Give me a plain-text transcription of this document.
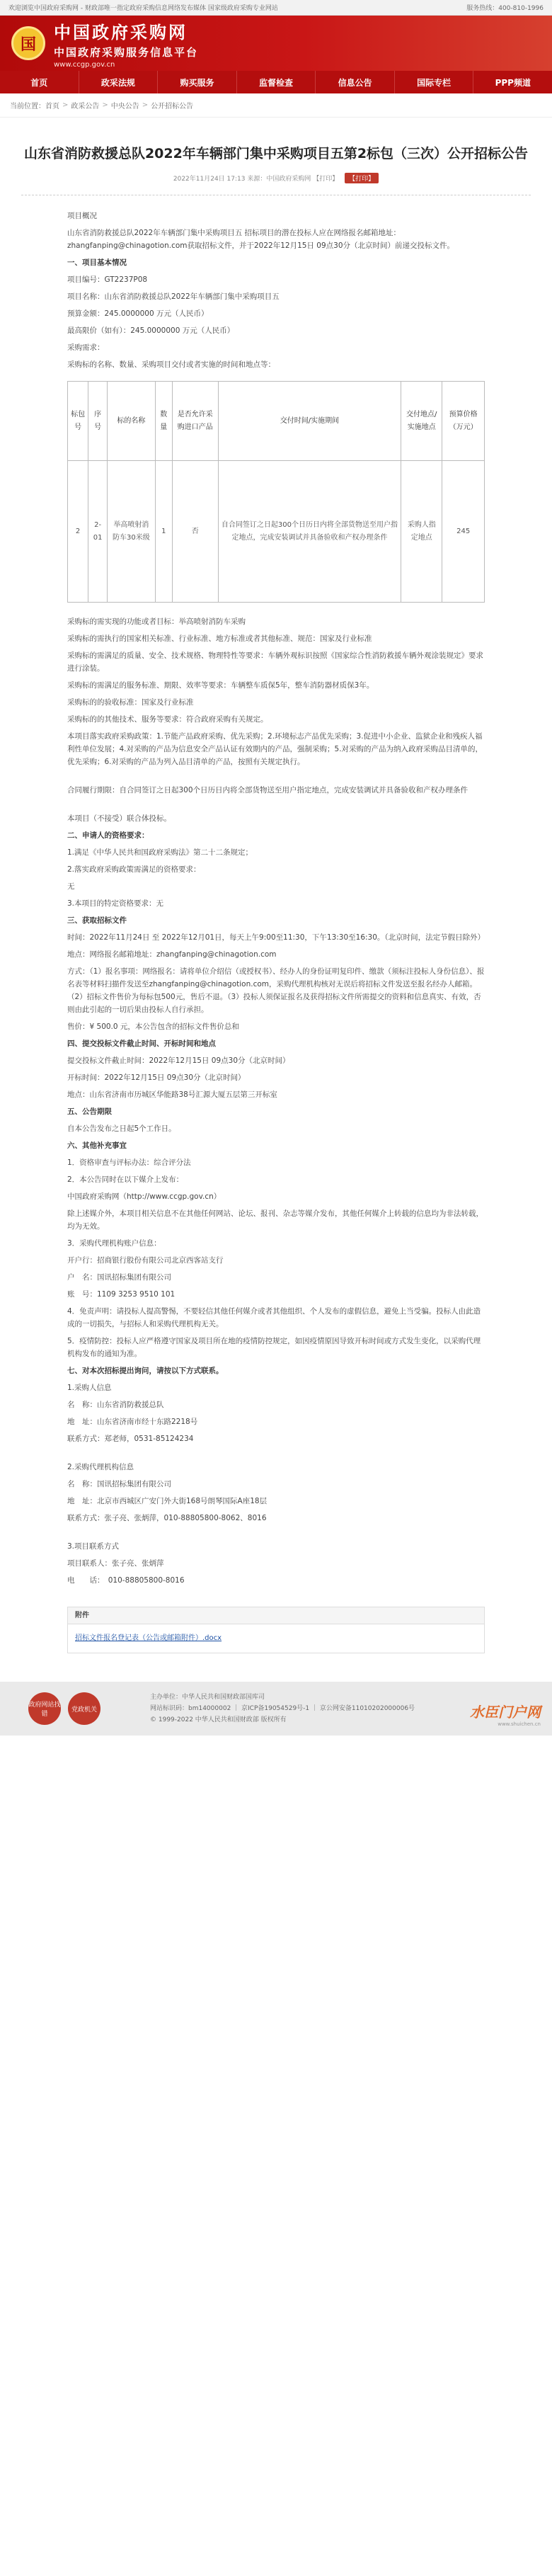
欢迎浏览中国政府采购网 - 财政部唯一指定政府采购信息网络发布媒体 国家级政府采购专业网站	服务热线：400-810-1996
国
中国政府采购网
中国政府采购服务信息平台
www.ccgp.gov.cn
首页	政采法规	购买服务	监督检查	信息公告	国际专栏	PPP频道
当前位置： 首页 > 政采公告 > 中央公告 > 公开招标公告
山东省消防救援总队2022年车辆部门集中采购项目五第2标包（三次）公开招标公告
2022年11月24日 17:13 来源：中国政府采购网 【打印】 【打印】

项目概况

山东省消防救援总队2022年车辆部门集中采购项目五 招标项目的潜在投标人应在网络报名邮箱地址：zhangfanping@chinagotion.com获取招标文件，并于2022年12月15日 09点30分（北京时间）前递交投标文件。

一、项目基本情况

项目编号：GT2237P08

项目名称：山东省消防救援总队2022年车辆部门集中采购项目五

预算金额：245.0000000 万元（人民币）

最高限价（如有）：245.0000000 万元（人民币）

采购需求：

采购标的名称、数量、采购项目交付或者实施的时间和地点等：

标包号	序号	标的名称	数量	是否允许采购进口产品	交付时间/实施期间	交付地点/实施地点	预算价格（万元）
2	2-01	举高喷射消防车30米级	1	否	自合同签订之日起300个日历日内将全部货物送至用户指定地点，完成安装调试并具备验收和产权办理条件	采购人指定地点	245

采购标的需实现的功能或者目标：举高喷射消防车采购

采购标的需执行的国家相关标准、行业标准、地方标准或者其他标准、规范：国家及行业标准

采购标的需满足的质量、安全、技术规格、物理特性等要求：车辆外观标识按照《国家综合性消防救援车辆外观涂装规定》要求进行涂装。

采购标的需满足的服务标准、期限、效率等要求：车辆整车质保5年，整车消防器材质保3年。

采购标的的验收标准：国家及行业标准

采购标的的其他技术、服务等要求：符合政府采购有关规定。

本项目落实政府采购政策：1.节能产品政府采购、优先采购；2.环境标志产品优先采购；3.促进中小企业、监狱企业和残疾人福利性单位发展；4.对采购的产品为信息安全产品认证有效期内的产品，强制采购；5.对采购的产品为纳入政府采购品目清单的，优先采购；6.对采购的产品为列入品目清单的产品，按照有关规定执行。

合同履行期限：自合同签订之日起300个日历日内将全部货物送至用户指定地点，完成安装调试并具备验收和产权办理条件

本项目（不接受）联合体投标。

二、申请人的资格要求：

1.满足《中华人民共和国政府采购法》第二十二条规定；

2.落实政府采购政策需满足的资格要求：

无

3.本项目的特定资格要求：无

三、获取招标文件

时间：2022年11月24日 至 2022年12月01日，每天上午9:00至11:30，下午13:30至16:30。（北京时间，法定节假日除外）

地点：网络报名邮箱地址：zhangfanping@chinagotion.com

方式：（1）报名事项：网络报名：请将单位介绍信（或授权书）、经办人的身份证明复印件、缴款（须标注投标人身份信息）、报名表等材料扫描件发送至zhangfanping@chinagotion.com，采购代理机构核对无误后将招标文件发送至报名经办人邮箱。（2）招标文件售价为每标包500元，售后不退。（3）投标人须保证报名及获得招标文件所需提交的资料和信息真实、有效，否则由此引起的一切后果由投标人自行承担。

售价：¥ 500.0 元，本公告包含的招标文件售价总和

四、提交投标文件截止时间、开标时间和地点

提交投标文件截止时间：2022年12月15日 09点30分（北京时间）

开标时间：2022年12月15日 09点30分（北京时间）

地点：山东省济南市历城区华能路38号汇源大厦五层第三开标室

五、公告期限

自本公告发布之日起5个工作日。

六、其他补充事宜

1．资格审查与评标办法：综合评分法

2．本公告同时在以下媒介上发布：

中国政府采购网（http://www.ccgp.gov.cn）

除上述媒介外，本项目相关信息不在其他任何网站、论坛、报刊、杂志等媒介发布，其他任何媒介上转载的信息均为非法转载，均为无效。

3．采购代理机构账户信息：

开户行：招商银行股份有限公司北京西客站支行

户　名：国讯招标集团有限公司

账　号：1109 3253 9510 101

4．免责声明：请投标人提高警惕，不要轻信其他任何媒介或者其他组织、个人发布的虚假信息，避免上当受骗。投标人由此造成的一切损失，与招标人和采购代理机构无关。

5．疫情防控：投标人应严格遵守国家及项目所在地的疫情防控规定，如因疫情原因导致开标时间或方式发生变化，以采购代理机构发布的通知为准。

七、对本次招标提出询问，请按以下方式联系。

1.采购人信息

名　称：山东省消防救援总队

地　址：山东省济南市经十东路2218号

联系方式：郑老师，0531-85124234

2.采购代理机构信息

名　称：国讯招标集团有限公司

地　址：北京市西城区广安门外大街168号朗琴国际A座18层

联系方式：张子亮、张炳萍，010-88805800-8062、8016

3.项目联系方式

项目联系人：张子亮、张炳萍

电　　话：　010-88805800-8016

附件
招标文件报名登记表（公告或邮箱附件）.docx
政府网站找错
党政机关
主办单位：中华人民共和国财政部国库司
网站标识码：bm14000002 ｜ 京ICP备19054529号-1 ｜ 京公网安备11010202000006号
© 1999-2022 中华人民共和国财政部 版权所有	水臣门户网
www.shuichen.cn
